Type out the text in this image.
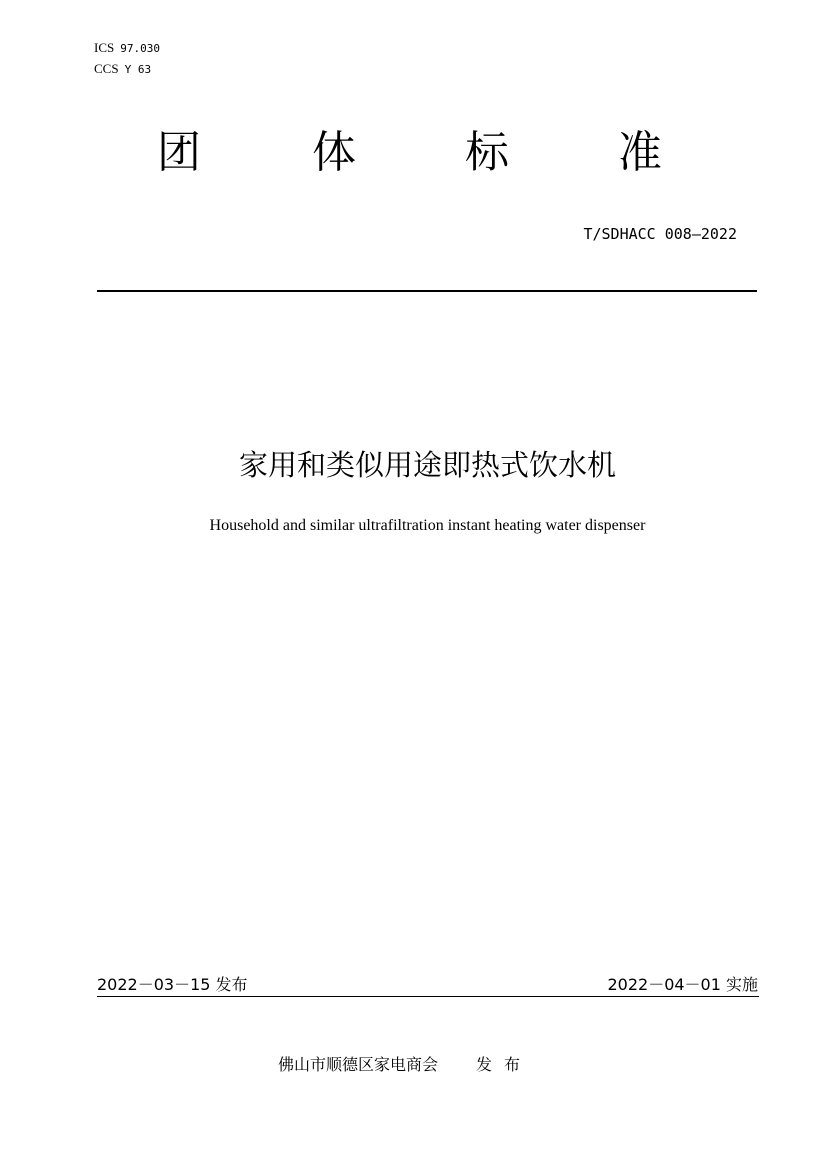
ICS 97.030
CCS Y 63
团	体 标 准
T/SDHACC 008—2022
家用和类似用途即热式饮水机
Household and similar ultrafiltration instant heating water dispenser
2022－03－15 发布	2022－04－01 实施
佛山市顺德区家电商会 发布
